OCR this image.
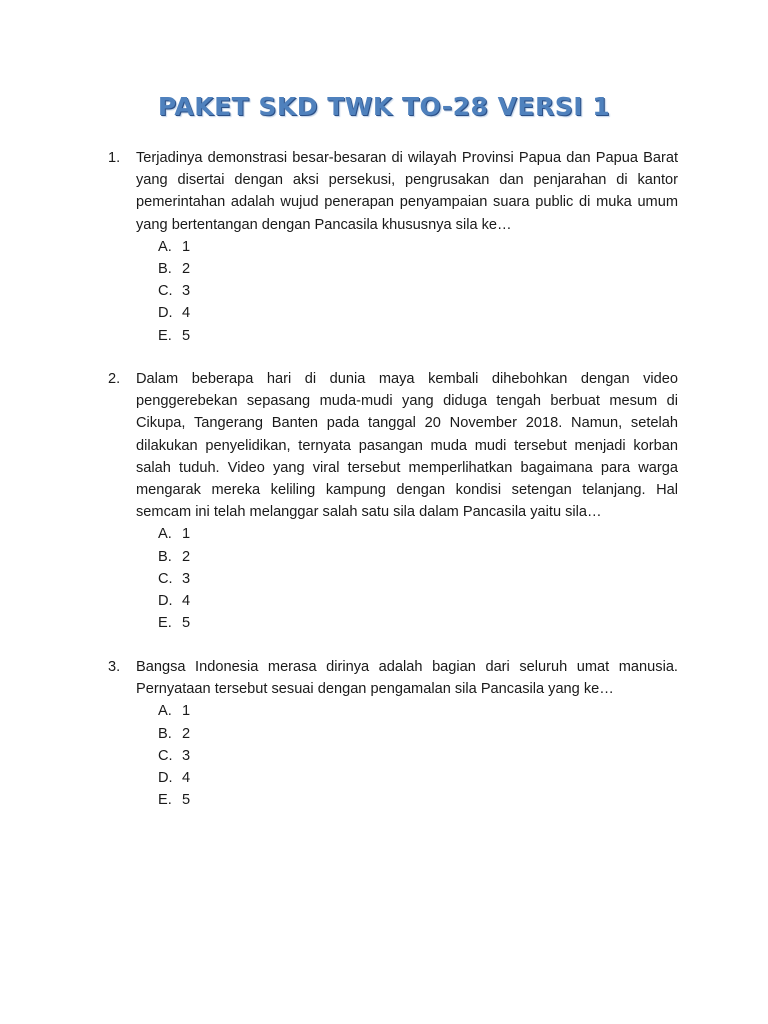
PAKET SKD TWK TO-28 VERSI 1
1.	Terjadinya demonstrasi besar-besaran di wilayah Provinsi Papua dan Papua Barat yang disertai dengan aksi persekusi, pengrusakan dan penjarahan di kantor pemerintahan adalah wujud penerapan penyampaian suara public di muka umum yang bertentangan dengan Pancasila khususnya sila ke…
A. 1
B. 2
C. 3
D. 4
E. 5
2.	Dalam beberapa hari di dunia maya kembali dihebohkan dengan video penggerebekan sepasang muda-mudi yang diduga tengah berbuat mesum di Cikupa, Tangerang Banten pada tanggal 20 November 2018. Namun, setelah dilakukan penyelidikan, ternyata pasangan muda mudi tersebut menjadi korban salah tuduh. Video yang viral tersebut memperlihatkan bagaimana para warga mengarak mereka keliling kampung dengan kondisi setengan telanjang. Hal semcam ini telah melanggar salah satu sila dalam Pancasila yaitu sila…
A. 1
B. 2
C. 3
D. 4
E. 5
3.	Bangsa Indonesia merasa dirinya adalah bagian dari seluruh umat manusia. Pernyataan tersebut sesuai dengan pengamalan sila Pancasila yang ke…
A. 1
B. 2
C. 3
D. 4
E. 5
